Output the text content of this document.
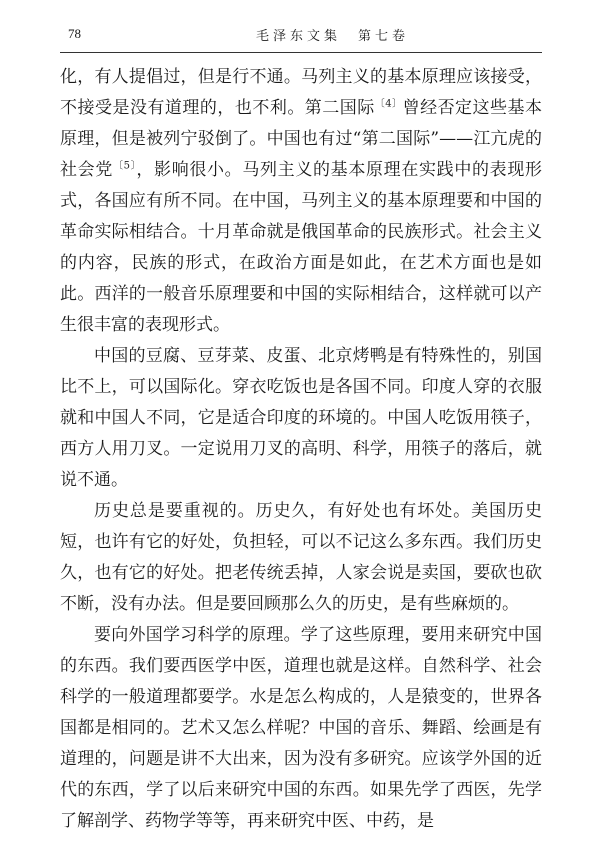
78	毛泽东文集　第七卷

化，有人提倡过，但是行不通。马列主义的基本原理应该接受，不接受是没有道理的，也不利。第二国际$^{〔4〕}$曾经否定这些基本原理，但是被列宁驳倒了。中国也有过“第二国际”——江亢虎的社会党$^{〔5〕}$，影响很小。马列主义的基本原理在实践中的表现形式，各国应有所不同。在中国，马列主义的基本原理要和中国的革命实际相结合。十月革命就是俄国革命的民族形式。社会主义的内容，民族的形式，在政治方面是如此，在艺术方面也是如此。西洋的一般音乐原理要和中国的实际相结合，这样就可以产生很丰富的表现形式。

中国的豆腐、豆芽菜、皮蛋、北京烤鸭是有特殊性的，别国比不上，可以国际化。穿衣吃饭也是各国不同。印度人穿的衣服就和中国人不同，它是适合印度的环境的。中国人吃饭用筷子，西方人用刀叉。一定说用刀叉的高明、科学，用筷子的落后，就说不通。

历史总是要重视的。历史久，有好处也有坏处。美国历史短，也许有它的好处，负担轻，可以不记这么多东西。我们历史久，也有它的好处。把老传统丢掉，人家会说是卖国，要砍也砍不断，没有办法。但是要回顾那么久的历史，是有些麻烦的。

要向外国学习科学的原理。学了这些原理，要用来研究中国的东西。我们要西医学中医，道理也就是这样。自然科学、社会科学的一般道理都要学。水是怎么构成的，人是猿变的，世界各国都是相同的。艺术又怎么样呢？中国的音乐、舞蹈、绘画是有道理的，问题是讲不大出来，因为没有多研究。应该学外国的近代的东西，学了以后来研究中国的东西。如果先学了西医，先学了解剖学、药物学等等，再来研究中医、中药，是
